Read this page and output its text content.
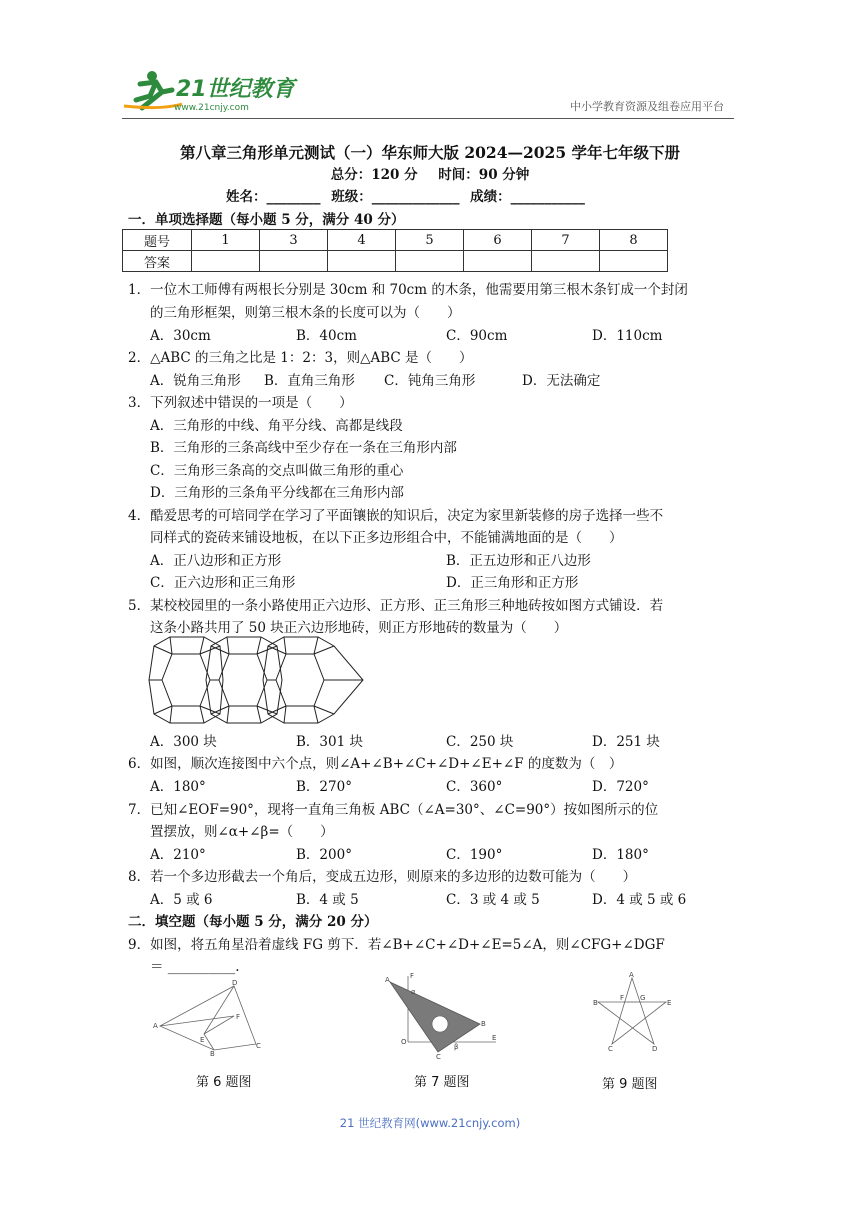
21世纪教育
www.21cnjy.com	中小学教育资源及组卷应用平台
第八章三角形单元测试（一）华东师大版 2024—2025 学年七年级下册
总分：120 分 时间：90 分钟
姓名：________ 班级：_____________ 成绩：___________
一．单项选择题（每小题 5 分，满分 40 分）
题号	1	3	4	5	6	7	8
答案							
1．一位木工师傅有两根长分别是 30cm 和 70cm 的木条，他需要用第三根木条钉成一个封闭
的三角形框架，则第三根木条的长度可以为（　　）
A．30cm	B．40cm	C．90cm	D．110cm
2．△ABC 的三角之比是 1：2：3，则△ABC 是（　　）
A．锐角三角形 B．直角三角形 C．钝角三角形	D．无法确定
3．下列叙述中错误的一项是（　　）
A．三角形的中线、角平分线、高都是线段
B．三角形的三条高线中至少存在一条在三角形内部
C．三角形三条高的交点叫做三角形的重心
D．三角形的三条角平分线都在三角形内部
4．酷爱思考的可培同学在学习了平面镶嵌的知识后，决定为家里新装修的房子选择一些不
同样式的瓷砖来铺设地板，在以下正多边形组合中，不能铺满地面的是（　　）
A．正八边形和正方形	B．正五边形和正八边形
C．正六边形和正三角形	D．正三角形和正方形
5．某校校园里的一条小路使用正六边形、正方形、正三角形三种地砖按如图方式铺设．若
这条小路共用了 50 块正六边形地砖，则正方形地砖的数量为（　　）
A．300 块	B．301 块	C．250 块	D．251 块
6．如图，顺次连接图中六个点，则∠A+∠B+∠C+∠D+∠E+∠F 的度数为（　）
A．180°	B．270°	C．360°	D．720°
7．已知∠EOF=90°，现将一直角三角板 ABC（∠A=30°、∠C=90°）按如图所示的位
置摆放，则∠α+∠β=（　　）
A．210°	B．200°	C．190°	D．180°
8．若一个多边形截去一个角后，变成五边形，则原来的多边形的边数可能为（　　）
A．5 或 6	B．4 或 5	C．3 或 4 或 5	D．4 或 5 或 6
二．填空题（每小题 5 分，满分 20 分）
9．如图，将五角星沿着虚线 FG 剪下．若∠B+∠C+∠D+∠E=5∠A，则∠CFG+∠DGF
＝ __________.
A
B
C
D
E
F
第 6 题图
A	F
O
C
β
B
E
α
第 7 题图
A
B
C	D
E
F G
第 9 题图
21 世纪教育网(www.21cnjy.com)
